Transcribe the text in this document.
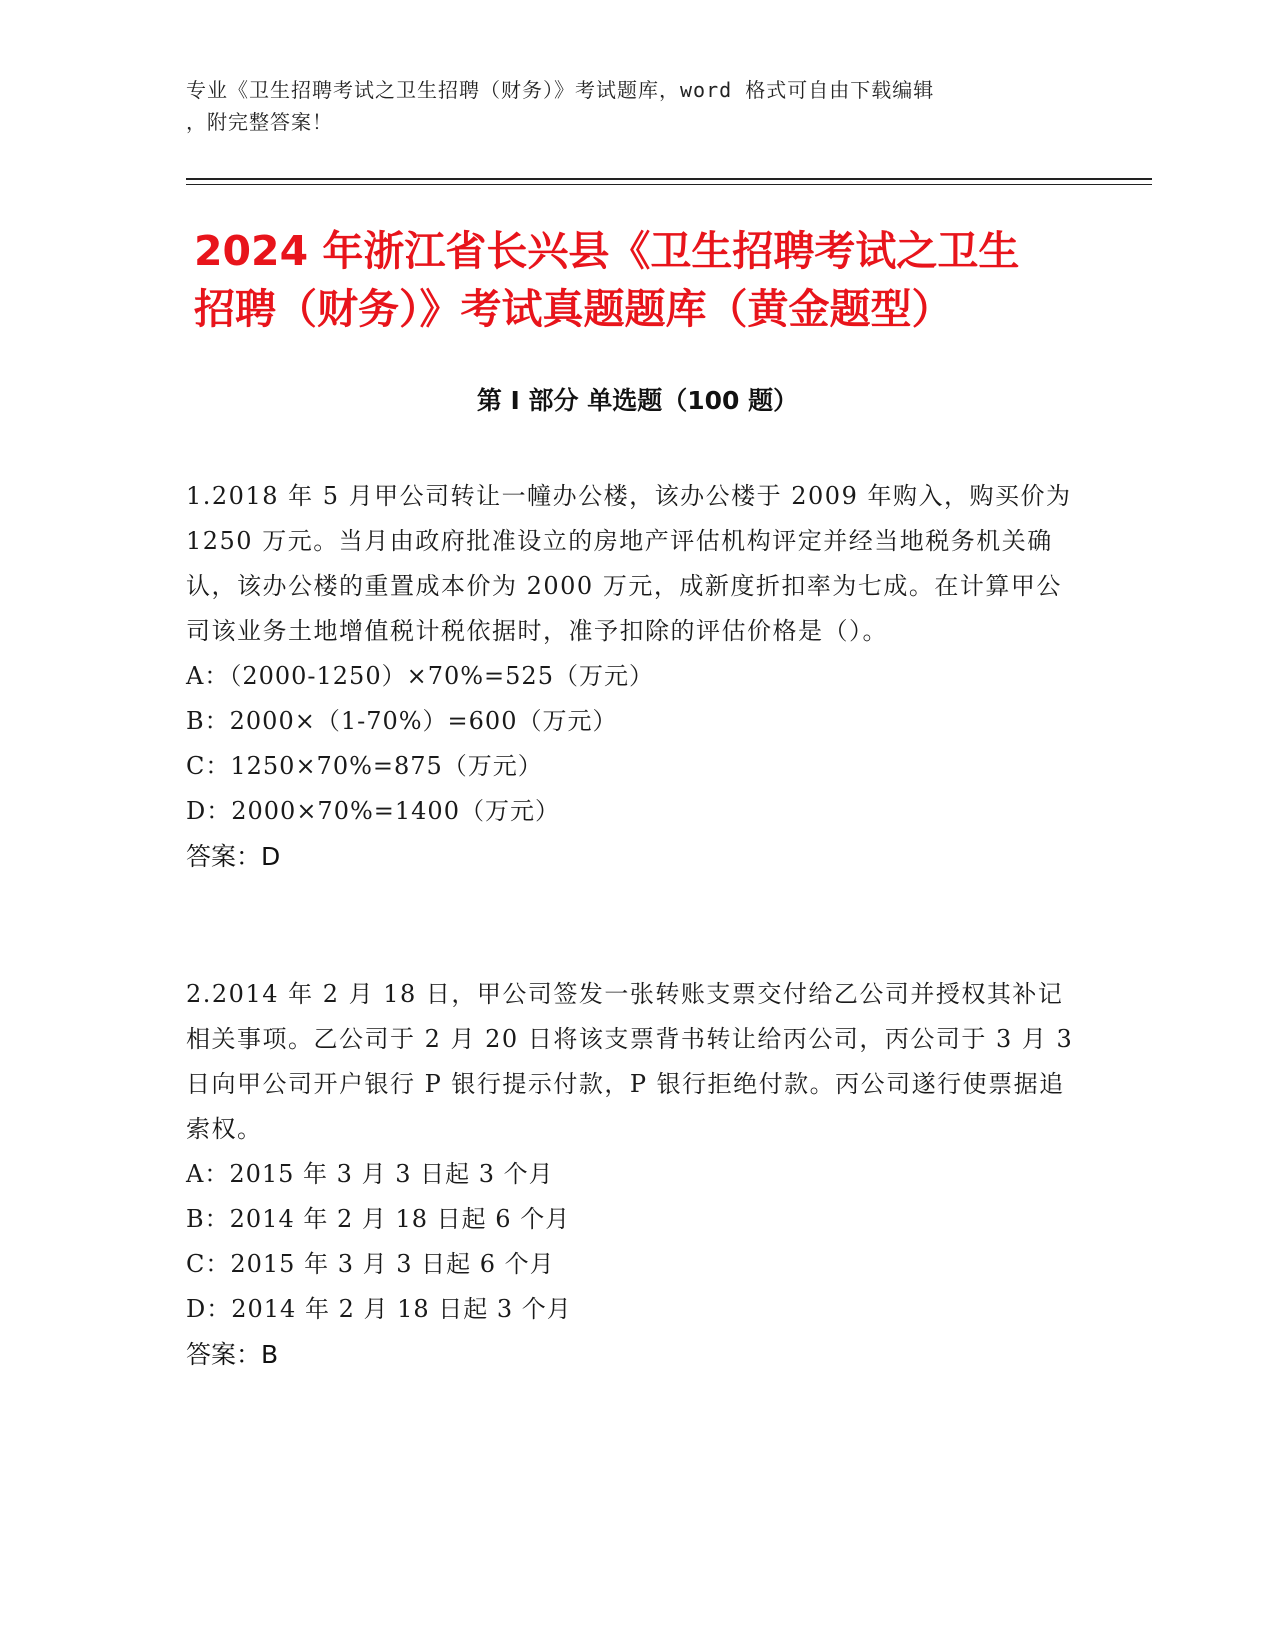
专业《卫生招聘考试之卫生招聘（财务）》考试题库，word 格式可自由下载编辑
，附完整答案！
2024 年浙江省长兴县《卫生招聘考试之卫生
招聘（财务）》考试真题题库（黄金题型）
第 I 部分 单选题（100 题）

1.2018 年 5 月甲公司转让一幢办公楼，该办公楼于 2009 年购入，购买价为 1250 万元。当月由政府批准设立的房地产评估机构评定并经当地税务机关确认，该办公楼的重置成本价为 2000 万元，成新度折扣率为七成。在计算甲公司该业务土地增值税计税依据时，准予扣除的评估价格是（）。

A：（2000-1250）×70%=525（万元）

B：2000×（1-70%）=600（万元）

C：1250×70%=875（万元）

D：2000×70%=1400（万元）

答案：D

2.2014 年 2 月 18 日，甲公司签发一张转账支票交付给乙公司并授权其补记相关事项。乙公司于 2 月 20 日将该支票背书转让给丙公司，丙公司于 3 月 3 日向甲公司开户银行 P 银行提示付款，P 银行拒绝付款。丙公司遂行使票据追索权。

A：2015 年 3 月 3 日起 3 个月

B：2014 年 2 月 18 日起 6 个月

C：2015 年 3 月 3 日起 6 个月

D：2014 年 2 月 18 日起 3 个月

答案：B
